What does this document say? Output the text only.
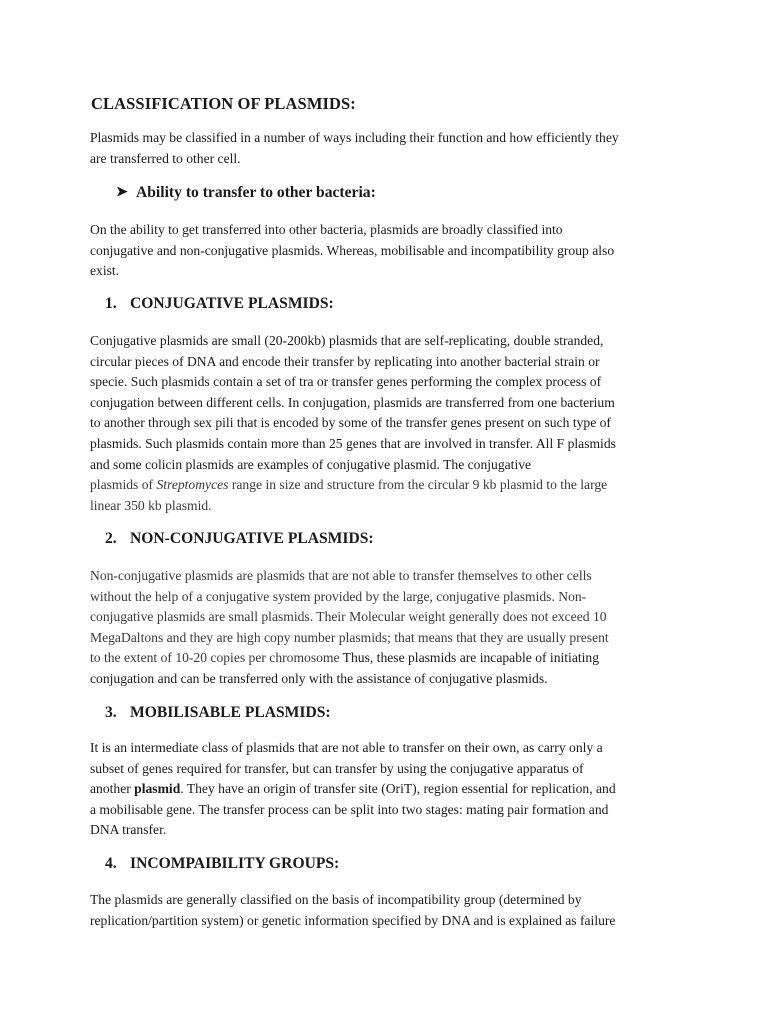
CLASSIFICATION OF PLASMIDS:

Plasmids may be classified in a number of ways including their function and how efficiently they
are transferred to other cell.

➤ Ability to transfer to other bacteria:

On the ability to get transferred into other bacteria, plasmids are broadly classified into
conjugative and non-conjugative plasmids. Whereas, mobilisable and incompatibility group also
exist.

1. CONJUGATIVE PLASMIDS:

Conjugative plasmids are small (20-200kb) plasmids that are self-replicating, double stranded,
circular pieces of DNA and encode their transfer by replicating into another bacterial strain or
specie. Such plasmids contain a set of tra or transfer genes performing the complex process of
conjugation between different cells. In conjugation, plasmids are transferred from one bacterium
to another through sex pili that is encoded by some of the transfer genes present on such type of
plasmids. Such plasmids contain more than 25 genes that are involved in transfer. All F plasmids
and some colicin plasmids are examples of conjugative plasmid. The conjugative
plasmids of Streptomyces range in size and structure from the circular 9 kb plasmid to the large
linear 350 kb plasmid.

2. NON-CONJUGATIVE PLASMIDS:

Non-conjugative plasmids are plasmids that are not able to transfer themselves to other cells
without the help of a conjugative system provided by the large, conjugative plasmids. Non-
conjugative plasmids are small plasmids. Their Molecular weight generally does not exceed 10
MegaDaltons and they are high copy number plasmids; that means that they are usually present
to the extent of 10-20 copies per chromosome Thus, these plasmids are incapable of initiating
conjugation and can be transferred only with the assistance of conjugative plasmids.

3. MOBILISABLE PLASMIDS:

It is an intermediate class of plasmids that are not able to transfer on their own, as carry only a
subset of genes required for transfer, but can transfer by using the conjugative apparatus of
another plasmid. They have an origin of transfer site (OriT), region essential for replication, and
a mobilisable gene. The transfer process can be split into two stages: mating pair formation and
DNA transfer.

4. INCOMPAIBILITY GROUPS:

The plasmids are generally classified on the basis of incompatibility group (determined by
replication/partition system) or genetic information specified by DNA and is explained as failure
